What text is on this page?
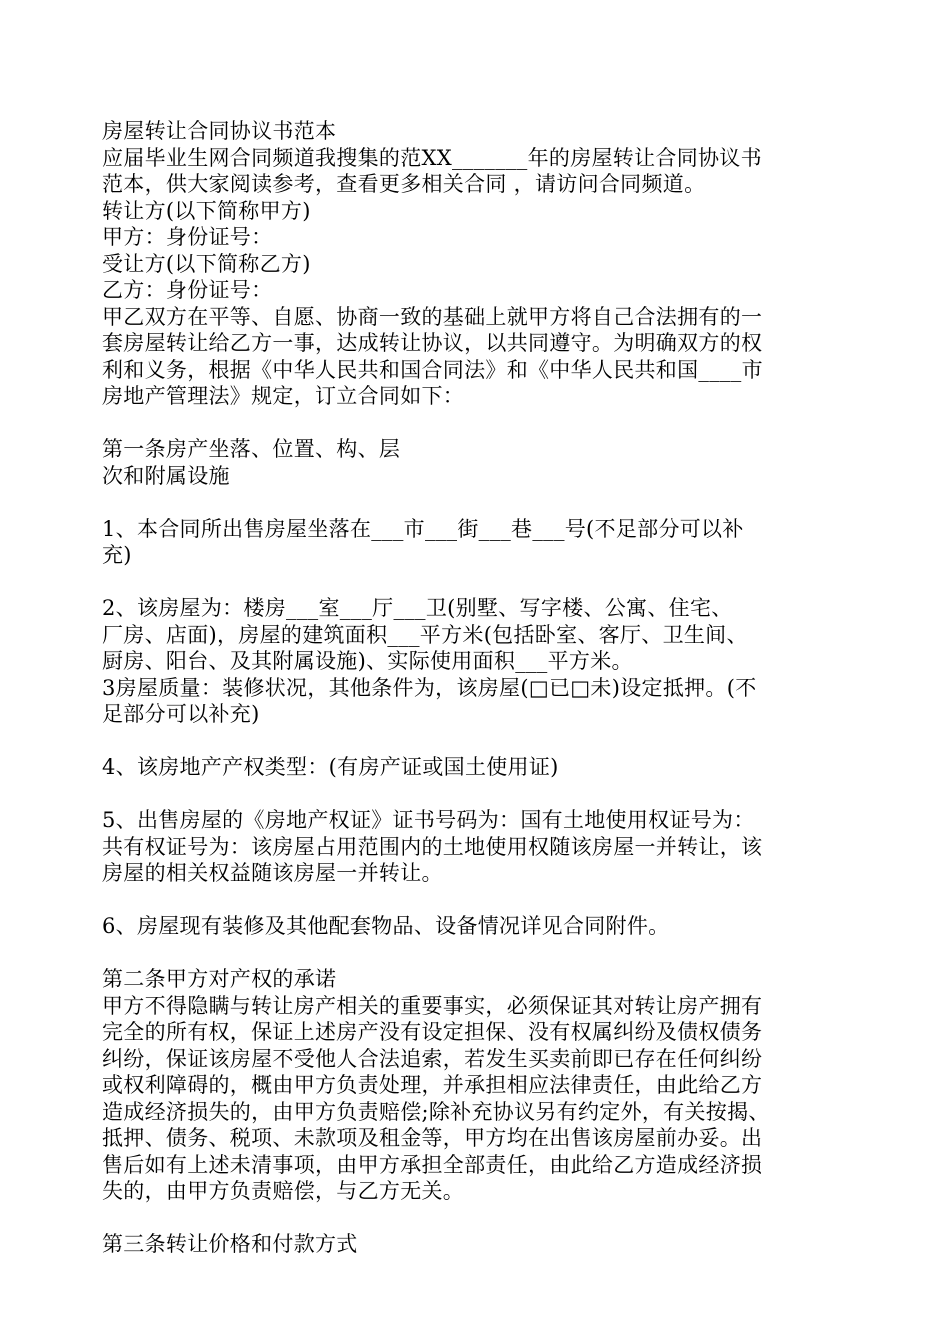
房屋转让合同协议书范本
应届毕业生网合同频道我搜集的范XX_______年的房屋转让合同协议书
范本，供大家阅读参考，查看更多相关合同 ，请访问合同频道。
转让方(以下简称甲方)
甲方：身份证号：
受让方(以下简称乙方)
乙方：身份证号：
甲乙双方在平等、自愿、协商一致的基础上就甲方将自己合法拥有的一
套房屋转让给乙方一事，达成转让协议，以共同遵守。为明确双方的权
利和义务，根据《中华人民共和国合同法》和《中华人民共和国____市
房地产管理法》规定，订立合同如下：
第一条房产坐落、位置、构、层
次和附属设施
1、本合同所出售房屋坐落在___市___街___巷___号(不足部分可以补
充)
2、该房屋为：楼房___室___厅___卫(别墅、写字楼、公寓、住宅、
厂房、店面)，房屋的建筑面积___平方米(包括卧室、客厅、卫生间、
厨房、阳台、及其附属设施)、实际使用面积___平方米。
3房屋质量：装修状况，其他条件为，该房屋(□已□未)设定抵押。(不
足部分可以补充)
4、该房地产产权类型：(有房产证或国土使用证)
5、出售房屋的《房地产权证》证书号码为：国有土地使用权证号为：
共有权证号为：该房屋占用范围内的土地使用权随该房屋一并转让，该
房屋的相关权益随该房屋一并转让。
6、房屋现有装修及其他配套物品、设备情况详见合同附件。
第二条甲方对产权的承诺
甲方不得隐瞒与转让房产相关的重要事实，必须保证其对转让房产拥有
完全的所有权，保证上述房产没有设定担保、没有权属纠纷及债权债务
纠纷，保证该房屋不受他人合法追索，若发生买卖前即已存在任何纠纷
或权利障碍的，概由甲方负责处理，并承担相应法律责任，由此给乙方
造成经济损失的，由甲方负责赔偿;除补充协议另有约定外，有关按揭、
抵押、债务、税项、未款项及租金等，甲方均在出售该房屋前办妥。出
售后如有上述未清事项，由甲方承担全部责任，由此给乙方造成经济损
失的，由甲方负责赔偿，与乙方无关。
第三条转让价格和付款方式
